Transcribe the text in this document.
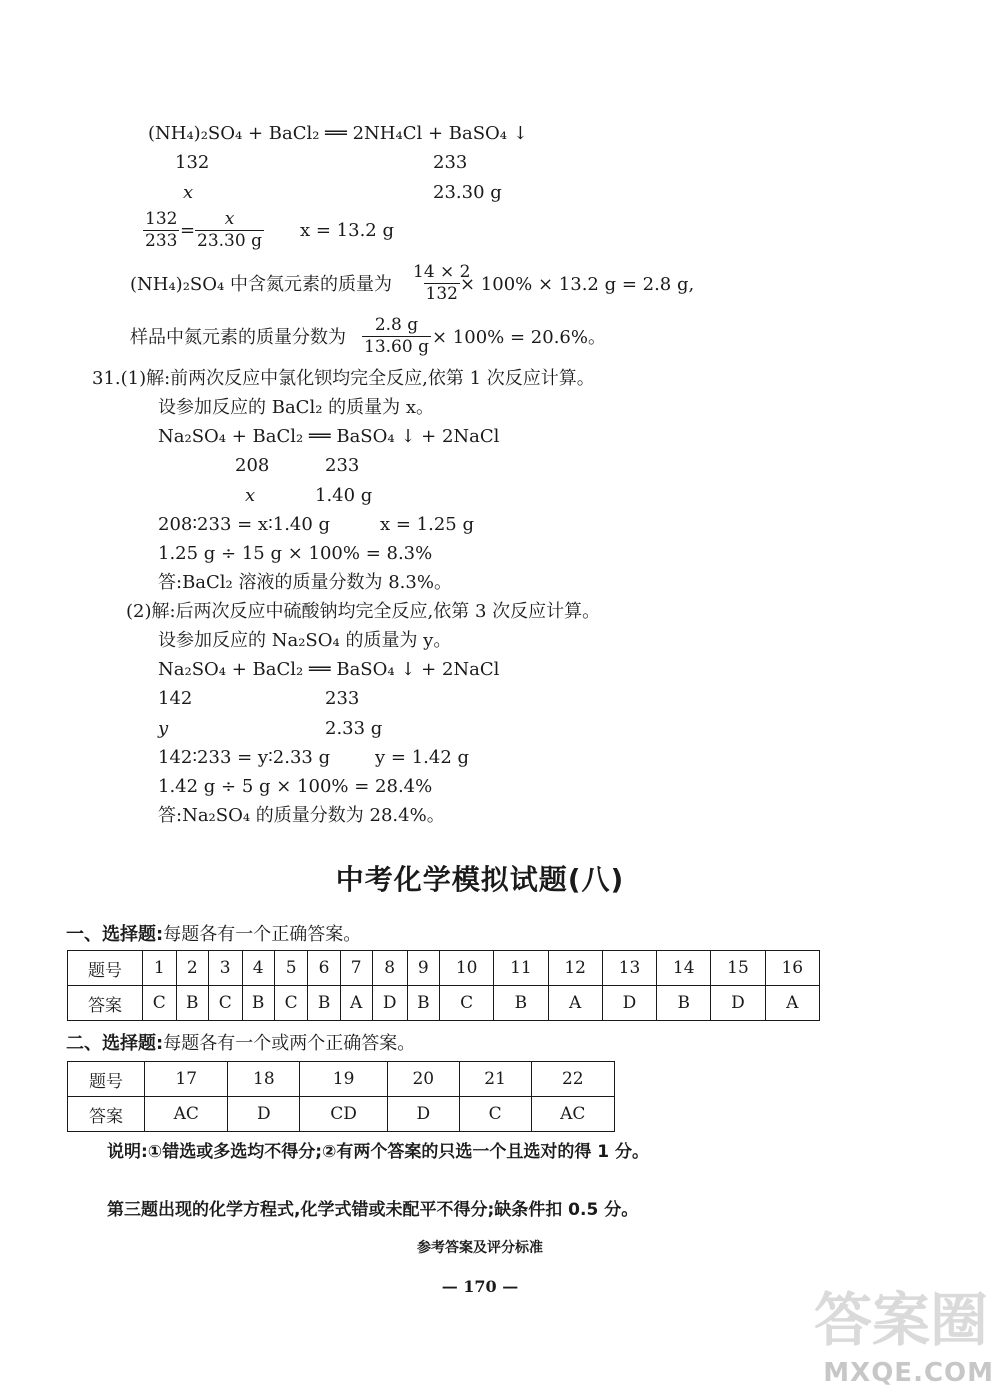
(NH₄)₂SO₄ + BaCl₂ ══ 2NH₄Cl + BaSO₄ ↓
132	233
x	23.30 g
$\frac{132}{233} = \frac{x}{23.30 g}$ x = 13.2 g
(NH₄)₂SO₄ 中含氮元素的质量为 $\frac{14 \times 2}{132}$
× 100% × 13.2 g = 2.8 g,
样品中氮元素的质量分数为 $\frac{2.8 g}{13.60 g} \times 100\% = 20.6\%$。
31.(1)解:前两次反应中氯化钡均完全反应,依第 1 次反应计算。
设参加反应的 BaCl₂ 的质量为 x。
Na₂SO₄ + BaCl₂ ══ BaSO₄ ↓ + 2NaCl
208	233
x	1.40 g
208∶233 = x∶1.40 g	x = 1.25 g
1.25 g ÷ 15 g × 100% = 8.3%
答:BaCl₂ 溶液的质量分数为 8.3%。
(2)解:后两次反应中硫酸钠均完全反应,依第 3 次反应计算。
设参加反应的 Na₂SO₄ 的质量为 y。
Na₂SO₄ + BaCl₂ ══ BaSO₄ ↓ + 2NaCl
142	233
y	2.33 g
142∶233 = y∶2.33 g y = 1.42 g
1.42 g ÷ 5 g × 100% = 28.4%
答:Na₂SO₄ 的质量分数为 28.4%。
中考化学模拟试题(八)
一、选择题:每题各有一个正确答案。
题号	1	2	3	4	5	6	7	8	9	10	11	12	13	14	15	16
答案	C	B	C	B	C	B	A	D	B	C	B	A	D	B	D	A
二、选择题:每题各有一个或两个正确答案。
题号	17	18	19	20	21	22
答案	AC	D	CD	D	C	AC
说明:①错选或多选均不得分;②有两个答案的只选一个且选对的得 1 分。
第三题出现的化学方程式,化学式错或未配平不得分;缺条件扣 0.5 分。
参考答案及评分标准
— 170 —	答案圈
MXQE.COM
